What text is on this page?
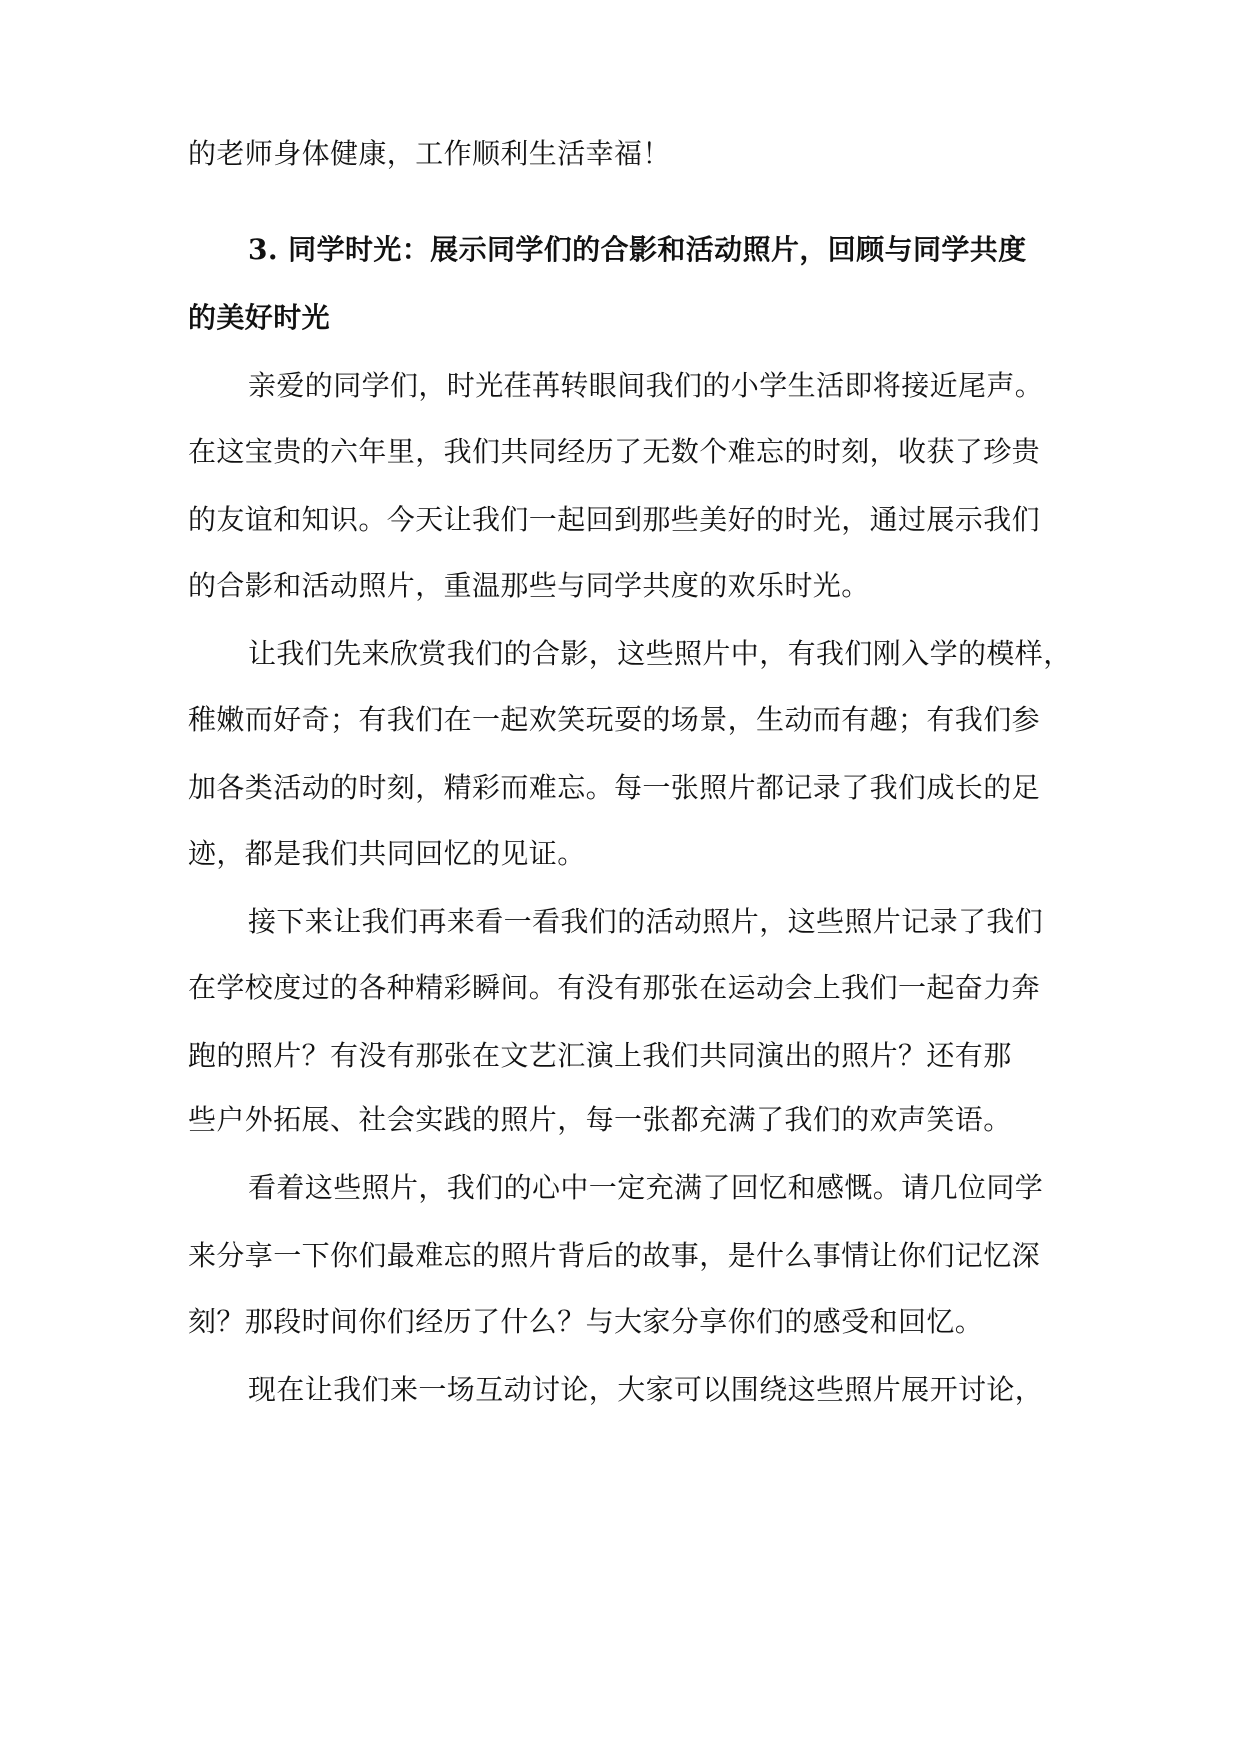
的老师身体健康，工作顺利生活幸福！
3. 同学时光：展示同学们的合影和活动照片，回顾与同学共度
的美好时光
亲爱的同学们，时光荏苒转眼间我们的小学生活即将接近尾声。
在这宝贵的六年里，我们共同经历了无数个难忘的时刻，收获了珍贵
的友谊和知识。今天让我们一起回到那些美好的时光，通过展示我们
的合影和活动照片，重温那些与同学共度的欢乐时光。
让我们先来欣赏我们的合影，这些照片中，有我们刚入学的模样，
稚嫩而好奇；有我们在一起欢笑玩耍的场景，生动而有趣；有我们参
加各类活动的时刻，精彩而难忘。每一张照片都记录了我们成长的足
迹，都是我们共同回忆的见证。
接下来让我们再来看一看我们的活动照片，这些照片记录了我们
在学校度过的各种精彩瞬间。有没有那张在运动会上我们一起奋力奔
跑的照片？有没有那张在文艺汇演上我们共同演出的照片？还有那
些户外拓展、社会实践的照片，每一张都充满了我们的欢声笑语。
看着这些照片，我们的心中一定充满了回忆和感慨。请几位同学
来分享一下你们最难忘的照片背后的故事，是什么事情让你们记忆深
刻？那段时间你们经历了什么？与大家分享你们的感受和回忆。
现在让我们来一场互动讨论，大家可以围绕这些照片展开讨论，
